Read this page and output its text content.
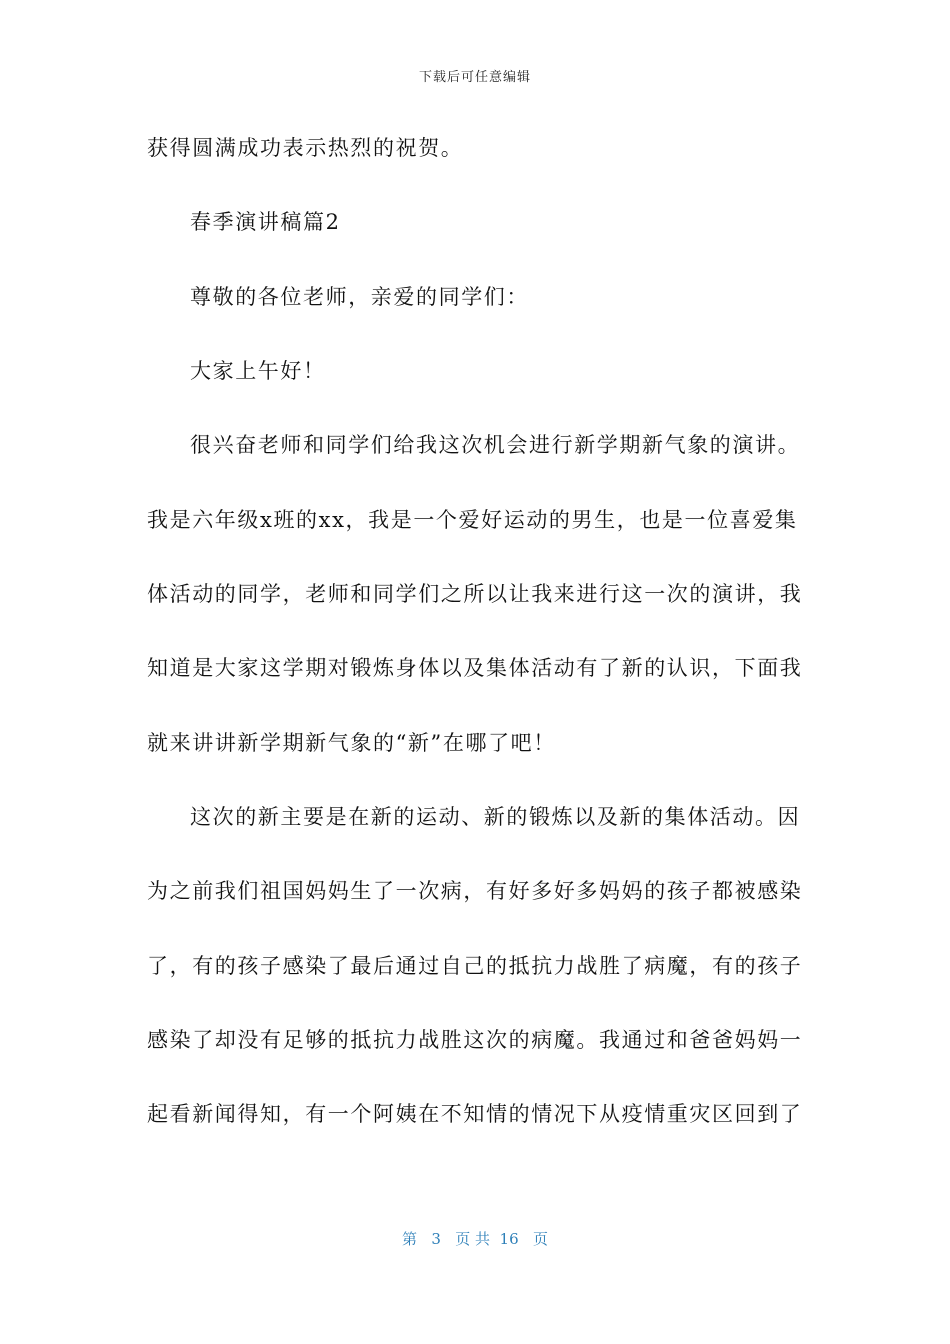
下载后可任意编辑
获得圆满成功表示热烈的祝贺。
春季演讲稿篇2
尊敬的各位老师，亲爱的同学们：
大家上午好！
很兴奋老师和同学们给我这次机会进行新学期新气象的演讲。
我是六年级x班的xx，我是一个爱好运动的男生，也是一位喜爱集
体活动的同学，老师和同学们之所以让我来进行这一次的演讲，我
知道是大家这学期对锻炼身体以及集体活动有了新的认识，下面我
就来讲讲新学期新气象的“新”在哪了吧！
这次的新主要是在新的运动、新的锻炼以及新的集体活动。因
为之前我们祖国妈妈生了一次病，有好多好多妈妈的孩子都被感染
了，有的孩子感染了最后通过自己的抵抗力战胜了病魔，有的孩子
感染了却没有足够的抵抗力战胜这次的病魔。我通过和爸爸妈妈一
起看新闻得知，有一个阿姨在不知情的情况下从疫情重灾区回到了
第 3 页 共 16 页
